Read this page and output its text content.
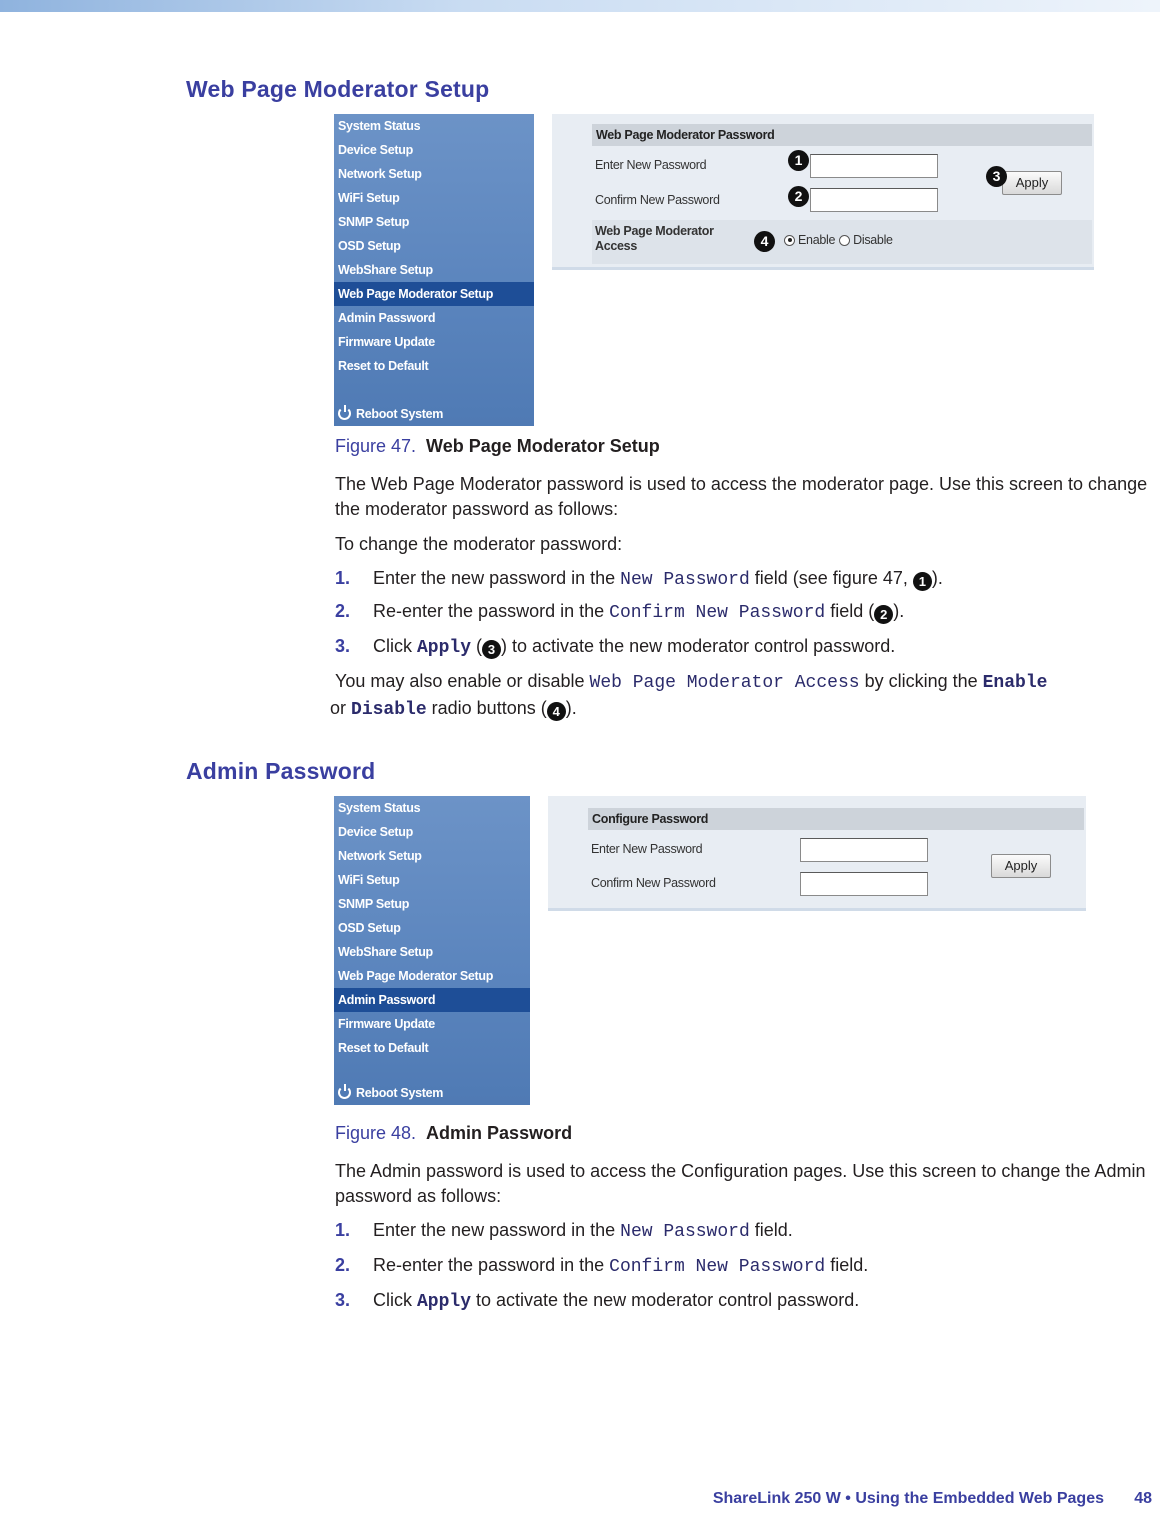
Web Page Moderator Setup
System Status
Device Setup
Network Setup
WiFi Setup
SNMP Setup
OSD Setup
WebShare Setup
Web Page Moderator Setup
Admin Password
Firmware Update
Reset to Default
Reboot System
Web Page Moderator Password
Enter New Password
Confirm New Password
Apply
Web Page Moderator Access	Enable Disable
1
2
3
4
Figure 47. Web Page Moderator Setup
The Web Page Moderator password is used to access the moderator page. Use this screen to change the moderator password as follows:
To change the moderator password:
1. Enter the new password in the New Password field (see figure 47, 1 ).
2. Re-enter the password in the Confirm New Password field ( 2 ).
3. Click Apply ( 3 ) to activate the new moderator control password.
You may also enable or disable Web Page Moderator Access by clicking the Enable
or Disable radio buttons ( 4 ).
Admin Password
System Status
Device Setup
Network Setup
WiFi Setup
SNMP Setup
OSD Setup
WebShare Setup
Web Page Moderator Setup
Admin Password
Firmware Update
Reset to Default
Reboot System
Configure Password
Enter New Password
Confirm New Password
Apply
Figure 48. Admin Password
The Admin password is used to access the Configuration pages. Use this screen to change the Admin password as follows:
1. Enter the new password in the New Password field.
2. Re-enter the password in the Confirm New Password field.
3. Click Apply to activate the new moderator control password.
ShareLink 250 W • Using the Embedded Web Pages 48
